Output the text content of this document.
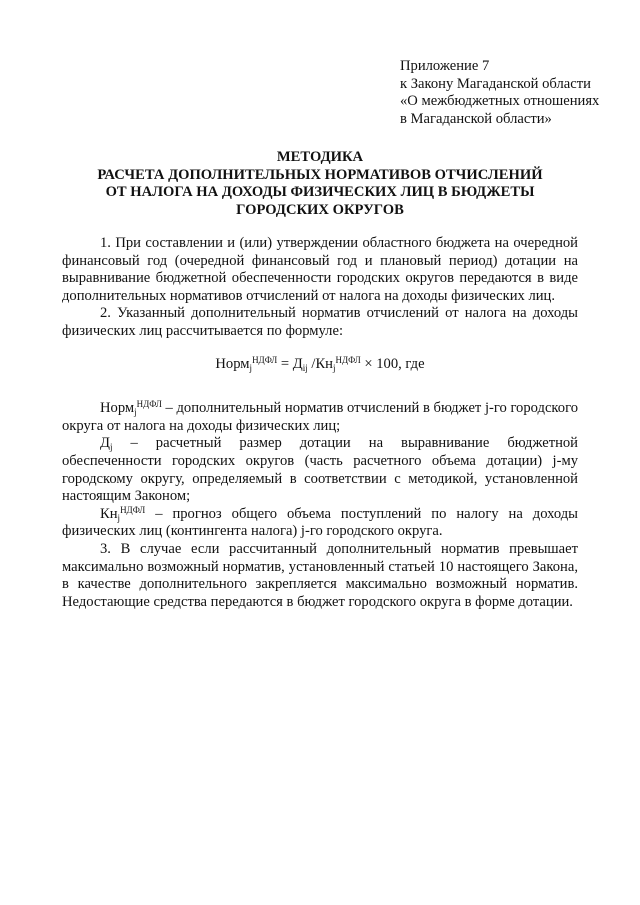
Приложение 7
к Закону Магаданской области
«О межбюджетных отношениях
в Магаданской области»
МЕТОДИКА
РАСЧЕТА ДОПОЛНИТЕЛЬНЫХ НОРМАТИВОВ ОТЧИСЛЕНИЙ
ОТ НАЛОГА НА ДОХОДЫ ФИЗИЧЕСКИХ ЛИЦ В БЮДЖЕТЫ
ГОРОДСКИХ ОКРУГОВ

1. При составлении и (или) утверждении областного бюджета на очередной финансовый год (очередной финансовый год и плановый период) дотации на выравнивание бюджетной обеспеченности городских округов передаются в виде дополнительных нормативов отчислений от налога на доходы физических лиц.

2. Указанный дополнительный норматив отчислений от налога на доходы физических лиц рассчитывается по формуле:

Норм$_j^{НДФЛ}$ = $Д_{ij}$ $/Кн_j^{НДФЛ} \times 100$, где

Норм$_j^{НДФЛ}$ – дополнительный норматив отчислений в бюджет j-го городского округа от налога на доходы физических лиц;

$Д_j$ – расчетный размер дотации на выравнивание бюджетной обеспеченности городских округов (часть расчетного объема дотации) j-му городскому округу, определяемый в соответствии с методикой, установленной настоящим Законом;

$Кн_j^{НДФЛ}$ – прогноз общего объема поступлений по налогу на доходы физических лиц (контингента налога) j-го городского округа.

3. В случае если рассчитанный дополнительный норматив превышает максимально возможный норматив, установленный статьей 10 настоящего Закона, в качестве дополнительного закрепляется максимально возможный норматив. Недостающие средства передаются в бюджет городского округа в форме дотации.
